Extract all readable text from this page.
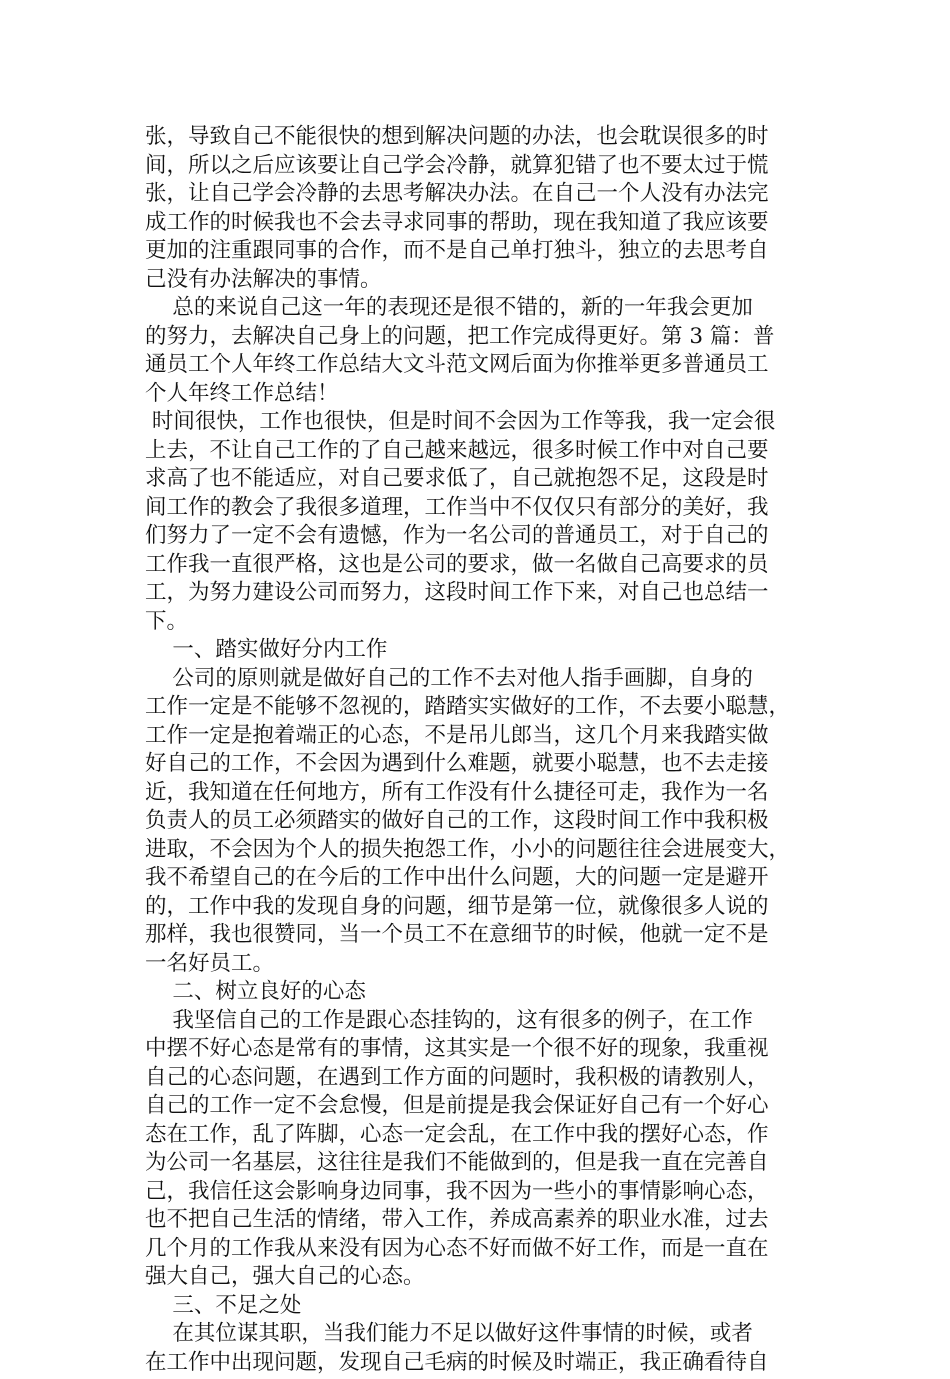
张，导致自己不能很快的想到解决问题的办法，也会耽误很多的时
间，所以之后应该要让自己学会冷静，就算犯错了也不要太过于慌
张，让自己学会冷静的去思考解决办法。在自己一个人没有办法完
成工作的时候我也不会去寻求同事的帮助，现在我知道了我应该要
更加的注重跟同事的合作，而不是自己单打独斗，独立的去思考自
己没有办法解决的事情。
总的来说自己这一年的表现还是很不错的，新的一年我会更加
的努力，去解决自己身上的问题，把工作完成得更好。第 3 篇：普
通员工个人年终工作总结大文斗范文网后面为你推举更多普通员工
个人年终工作总结！
时间很快，工作也很快，但是时间不会因为工作等我，我一定会很
上去，不让自己工作的了自己越来越远，很多时候工作中对自己要
求高了也不能适应，对自己要求低了，自己就抱怨不足，这段是时
间工作的教会了我很多道理，工作当中不仅仅只有部分的美好，我
们努力了一定不会有遗憾，作为一名公司的普通员工，对于自己的
工作我一直很严格，这也是公司的要求，做一名做自己高要求的员
工，为努力建设公司而努力，这段时间工作下来，对自己也总结一
下。
一、踏实做好分内工作
公司的原则就是做好自己的工作不去对他人指手画脚，自身的
工作一定是不能够不忽视的，踏踏实实做好的工作，不去要小聪慧，
工作一定是抱着端正的心态，不是吊儿郎当，这几个月来我踏实做
好自己的工作，不会因为遇到什么难题，就要小聪慧，也不去走接
近，我知道在任何地方，所有工作没有什么捷径可走，我作为一名
负责人的员工必须踏实的做好自己的工作，这段时间工作中我积极
进取，不会因为个人的损失抱怨工作，小小的问题往往会进展变大，
我不希望自己的在今后的工作中出什么问题，大的问题一定是避开
的，工作中我的发现自身的问题，细节是第一位，就像很多人说的
那样，我也很赞同，当一个员工不在意细节的时候，他就一定不是
一名好员工。
二、树立良好的心态
我坚信自己的工作是跟心态挂钩的，这有很多的例子，在工作
中摆不好心态是常有的事情，这其实是一个很不好的现象，我重视
自己的心态问题，在遇到工作方面的问题时，我积极的请教别人，
自己的工作一定不会怠慢，但是前提是我会保证好自己有一个好心
态在工作，乱了阵脚，心态一定会乱，在工作中我的摆好心态，作
为公司一名基层，这往往是我们不能做到的，但是我一直在完善自
己，我信任这会影响身边同事，我不因为一些小的事情影响心态，
也不把自己生活的情绪，带入工作，养成高素养的职业水准，过去
几个月的工作我从来没有因为心态不好而做不好工作，而是一直在
强大自己，强大自己的心态。
三、不足之处
在其位谋其职，当我们能力不足以做好这件事情的时候，或者
在工作中出现问题，发现自己毛病的时候及时端正，我正确看待自
